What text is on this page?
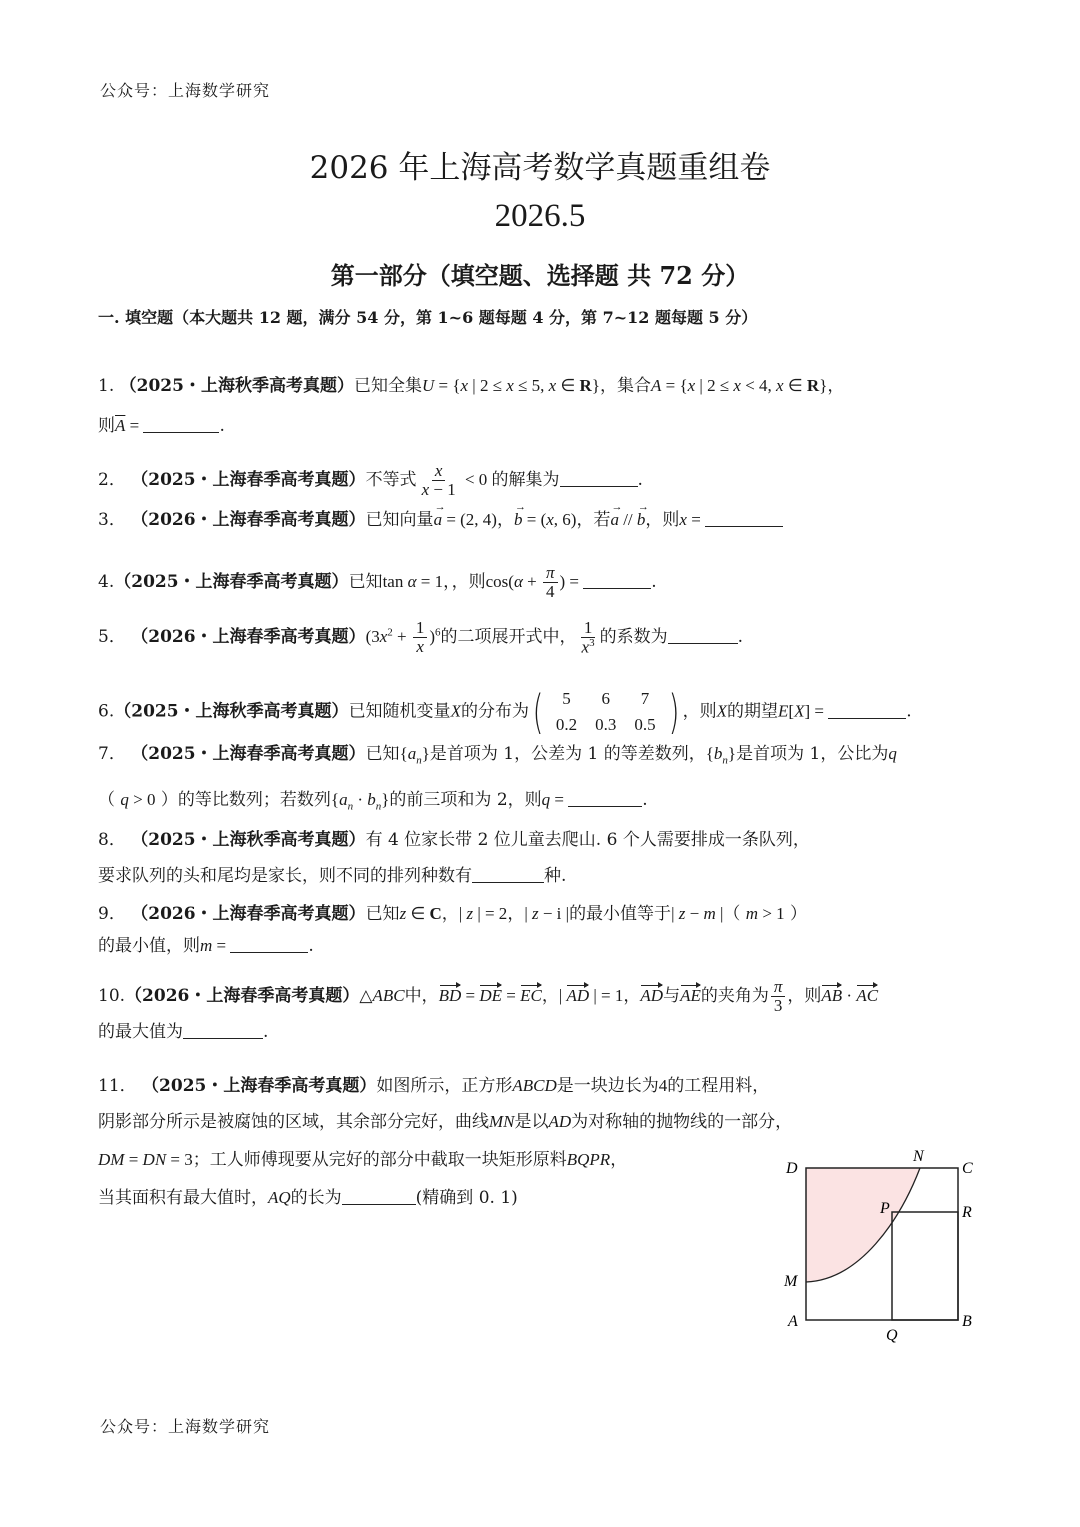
公众号：上海数学研究
2026 年上海高考数学真题重组卷
2026.5
第一部分（填空题、选择题 共 72 分）
一. 填空题（本大题共 12 题，满分 54 分，第 1~6 题每题 4 分，第 7~12 题每题 5 分）
1. （2025・上海秋季高考真题）已知全集U = {x | 2 ≤ x ≤ 5, x ∈ R}，集合A = {x | 2 ≤ x < 4, x ∈ R}，
则$\overline{A}$ =	.
2． （2025・上海春季高考真题）不等式 $\frac{x}{x - 1} < 0$ 的解集为	.
3． （2026・上海春季高考真题）已知向量a → = (2, 4)，b → = (x, 6)，若a → // b →，则x =
4.（2025・上海春季高考真题）已知tan α = 1，，则$\cos(\alpha + \frac{\pi}{4}$ ) =	.
5． （2026・上海春季高考真题）$(3x^2 + \frac{1}{x} )^6$的二项展开式中， $\frac{1}{x^3}$ 的系数为	.
6.（2025・上海秋季高考真题）已知随机变量X的分布为 ( 5	6	7
0.2	0.3	0.5 ) ，则X的期望E[X] =	.
7． （2025・上海春季高考真题）已知$\{a_n\}$是首项为 1，公差为 1 的等差数列，$\{b_n\}$是首项为 1，公比为q
（ q > 0 ）的等比数列；若数列$\{a_n \cdot b_n\}$的前三项和为 2，则q =	.
8． （2025・上海秋季高考真题）有 4 位家长带 2 位儿童去爬山. 6 个人需要排成一条队列，
要求队列的头和尾均是家长，则不同的排列种数有	种.
9． （2026・上海春季高考真题）已知z ∈ C，| z | = 2，| z − i |的最小值等于| z − m |（ m > 1 ）
的最小值，则m =	.
10.（2026・上海春季高考真题）△ABC中，BD = DE = EC，| AD | = 1，AD与AE的夹角为 $\frac{\pi}{3}$ ，则AB · AC
的最大值为	.
11． （2025・上海春季高考真题）如图所示，正方形ABCD是一块边长为4的工程用料，
阴影部分所示是被腐蚀的区域，其余部分完好，曲线MN是以AD为对称轴的抛物线的一部分，
DM = DN = 3；工人师傅现要从完好的部分中截取一块矩形原料BQPR，
当其面积有最大值时，AQ的长为	(精确到 0. 1)
D
N
C
P	R
M
A
Q
B
公众号：上海数学研究
